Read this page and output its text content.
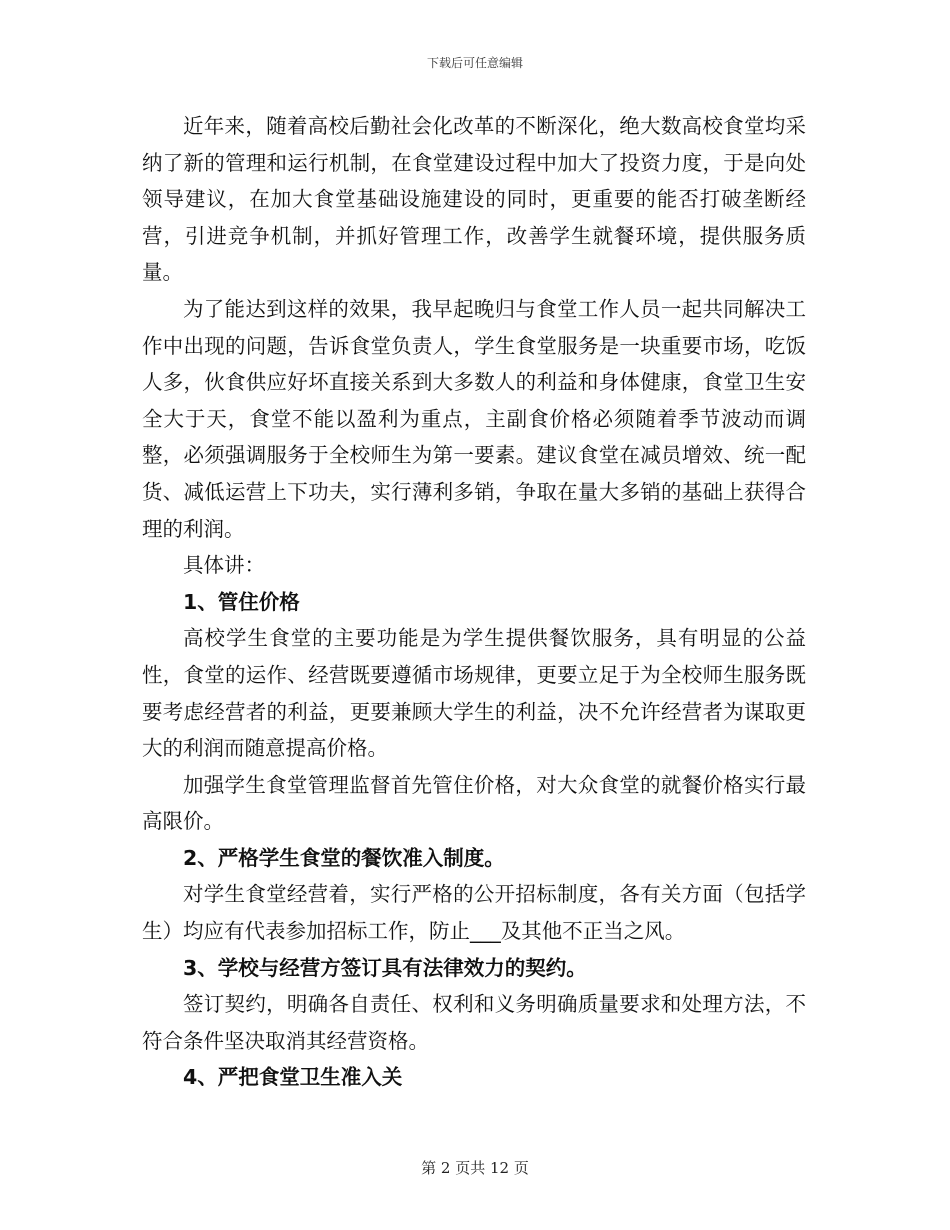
下载后可任意编辑

近年来，随着高校后勤社会化改革的不断深化，绝大数高校食堂均采纳了新的管理和运行机制，在食堂建设过程中加大了投资力度，于是向处领导建议，在加大食堂基础设施建设的同时，更重要的能否打破垄断经营，引进竞争机制，并抓好管理工作，改善学生就餐环境，提供服务质量。

为了能达到这样的效果，我早起晚归与食堂工作人员一起共同解决工作中出现的问题，告诉食堂负责人，学生食堂服务是一块重要市场，吃饭人多，伙食供应好坏直接关系到大多数人的利益和身体健康，食堂卫生安全大于天，食堂不能以盈利为重点，主副食价格必须随着季节波动而调整，必须强调服务于全校师生为第一要素。建议食堂在减员增效、统一配货、减低运营上下功夫，实行薄利多销，争取在量大多销的基础上获得合理的利润。

具体讲：

1、管住价格

高校学生食堂的主要功能是为学生提供餐饮服务，具有明显的公益性，食堂的运作、经营既要遵循市场规律，更要立足于为全校师生服务既要考虑经营者的利益，更要兼顾大学生的利益，决不允许经营者为谋取更大的利润而随意提高价格。

加强学生食堂管理监督首先管住价格，对大众食堂的就餐价格实行最高限价。

2、严格学生食堂的餐饮准入制度。

对学生食堂经营着，实行严格的公开招标制度，各有关方面（包括学生）均应有代表参加招标工作，防止___及其他不正当之风。

3、学校与经营方签订具有法律效力的契约。

签订契约，明确各自责任、权利和义务明确质量要求和处理方法，不符合条件坚决取消其经营资格。

4、严把食堂卫生准入关

第 2 页共 12 页
